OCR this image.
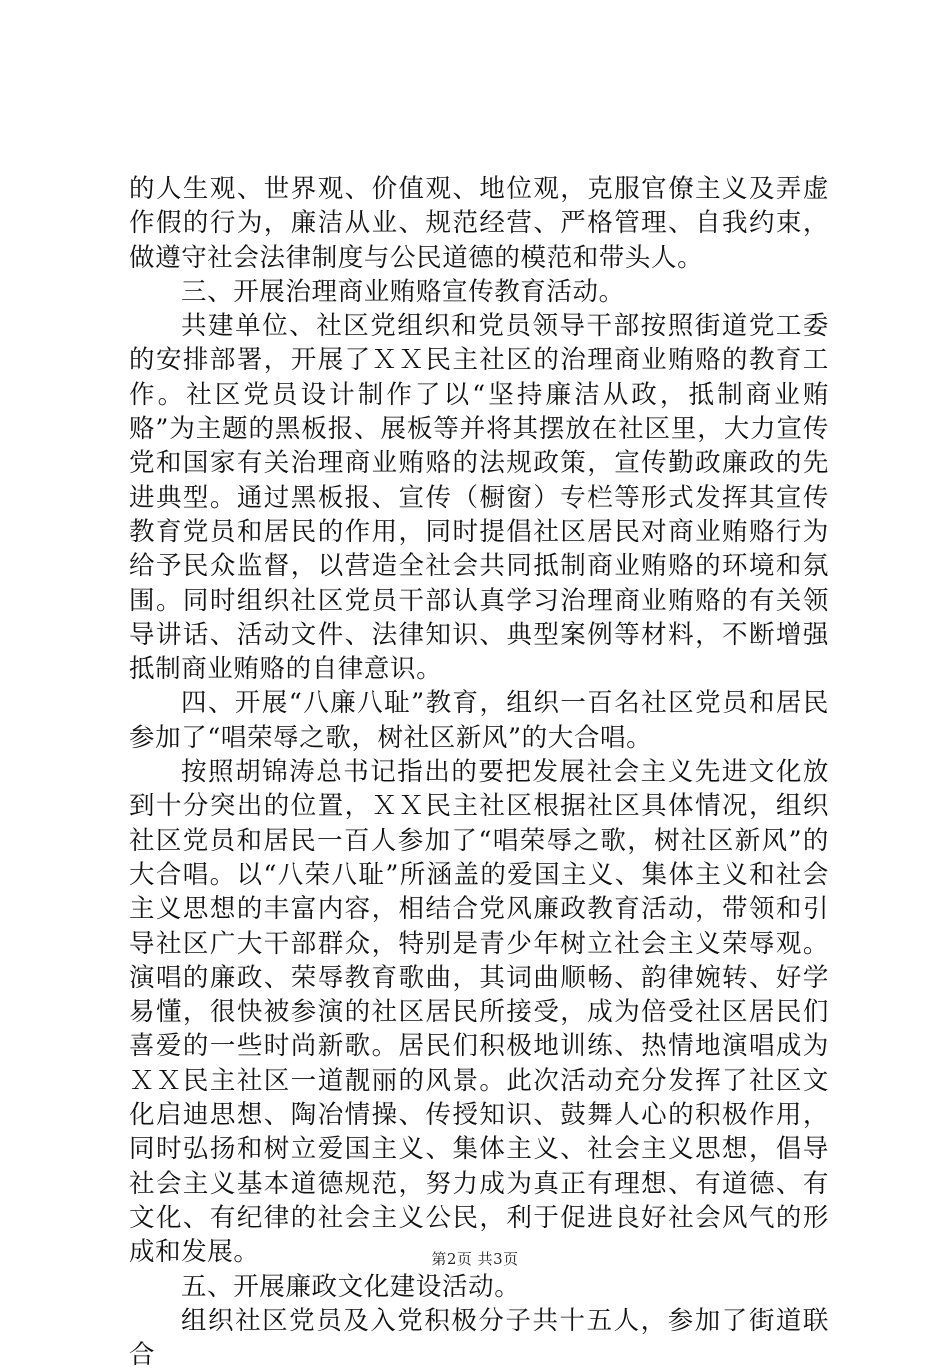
的人生观、世界观、价值观、地位观，克服官僚主义及弄虚作假的行为，廉洁从业、规范经营、严格管理、自我约束，做遵守社会法律制度与公民道德的模范和带头人。

三、开展治理商业贿赂宣传教育活动。

共建单位、社区党组织和党员领导干部按照街道党工委的安排部署，开展了ＸＸ民主社区的治理商业贿赂的教育工作。社区党员设计制作了以“坚持廉洁从政，抵制商业贿赂”为主题的黑板报、展板等并将其摆放在社区里，大力宣传党和国家有关治理商业贿赂的法规政策，宣传勤政廉政的先进典型。通过黑板报、宣传（橱窗）专栏等形式发挥其宣传教育党员和居民的作用，同时提倡社区居民对商业贿赂行为给予民众监督，以营造全社会共同抵制商业贿赂的环境和氛围。同时组织社区党员干部认真学习治理商业贿赂的有关领导讲话、活动文件、法律知识、典型案例等材料，不断增强抵制商业贿赂的自律意识。

四、开展“八廉八耻”教育，组织一百名社区党员和居民参加了“唱荣辱之歌，树社区新风”的大合唱。

按照胡锦涛总书记指出的要把发展社会主义先进文化放到十分突出的位置，ＸＸ民主社区根据社区具体情况，组织社区党员和居民一百人参加了“唱荣辱之歌，树社区新风”的大合唱。以“八荣八耻”所涵盖的爱国主义、集体主义和社会主义思想的丰富内容，相结合党风廉政教育活动，带领和引导社区广大干部群众，特别是青少年树立社会主义荣辱观。演唱的廉政、荣辱教育歌曲，其词曲顺畅、韵律婉转、好学易懂，很快被参演的社区居民所接受，成为倍受社区居民们喜爱的一些时尚新歌。居民们积极地训练、热情地演唱成为ＸＸ民主社区一道靓丽的风景。此次活动充分发挥了社区文化启迪思想、陶冶情操、传授知识、鼓舞人心的积极作用，同时弘扬和树立爱国主义、集体主义、社会主义思想，倡导社会主义基本道德规范，努力成为真正有理想、有道德、有文化、有纪律的社会主义公民，利于促进良好社会风气的形成和发展。

五、开展廉政文化建设活动。

组织社区党员及入党积极分子共十五人，参加了街道联合

第2页 共3页
